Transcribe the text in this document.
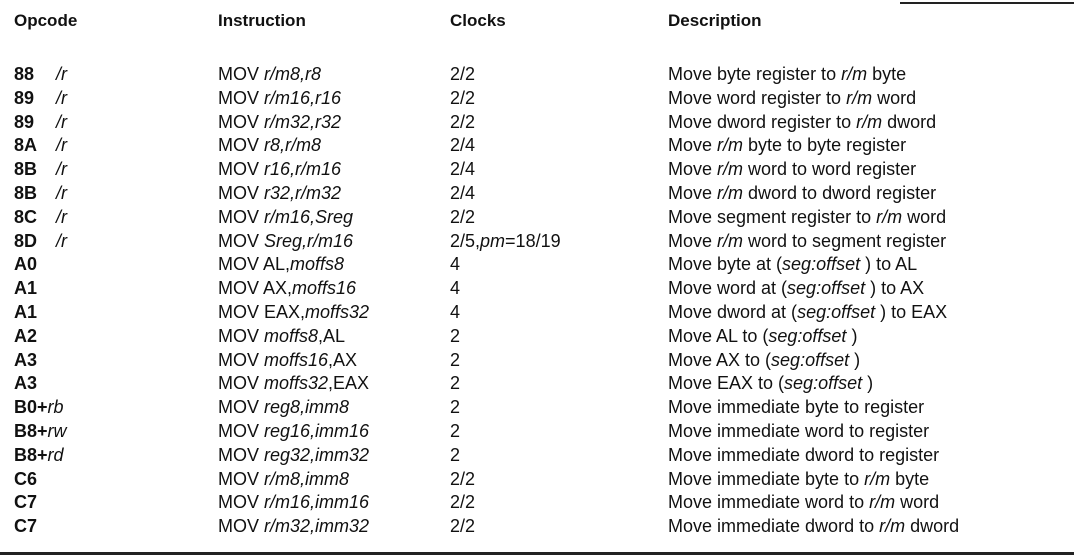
Opcode	Instruction	Clocks	Description
88 /r	MOV r/m8,r8	2/2	Move byte register to r/m byte
89 /r	MOV r/m16,r16	2/2	Move word register to r/m word
89 /r	MOV r/m32,r32	2/2	Move dword register to r/m dword
8A /r	MOV r8,r/m8	2/4	Move r/m byte to byte register
8B /r	MOV r16,r/m16	2/4	Move r/m word to word register
8B /r	MOV r32,r/m32	2/4	Move r/m dword to dword register
8C /r	MOV r/m16,Sreg	2/2	Move segment register to r/m word
8D /r	MOV Sreg,r/m16	2/5,pm=18/19	Move r/m word to segment register
A0	MOV AL,moffs8	4	Move byte at (seg:offset ) to AL
A1	MOV AX,moffs16	4	Move word at (seg:offset ) to AX
A1	MOV EAX,moffs32	4	Move dword at (seg:offset ) to EAX
A2	MOV moffs8,AL	2	Move AL to (seg:offset )
A3	MOV moffs16,AX	2	Move AX to (seg:offset )
A3	MOV moffs32,EAX	2	Move EAX to (seg:offset )
B0+rb	MOV reg8,imm8	2	Move immediate byte to register
B8+rw	MOV reg16,imm16	2	Move immediate word to register
B8+rd	MOV reg32,imm32	2	Move immediate dword to register
C6	MOV r/m8,imm8	2/2	Move immediate byte to r/m byte
C7	MOV r/m16,imm16	2/2	Move immediate word to r/m word
C7	MOV r/m32,imm32	2/2	Move immediate dword to r/m dword
